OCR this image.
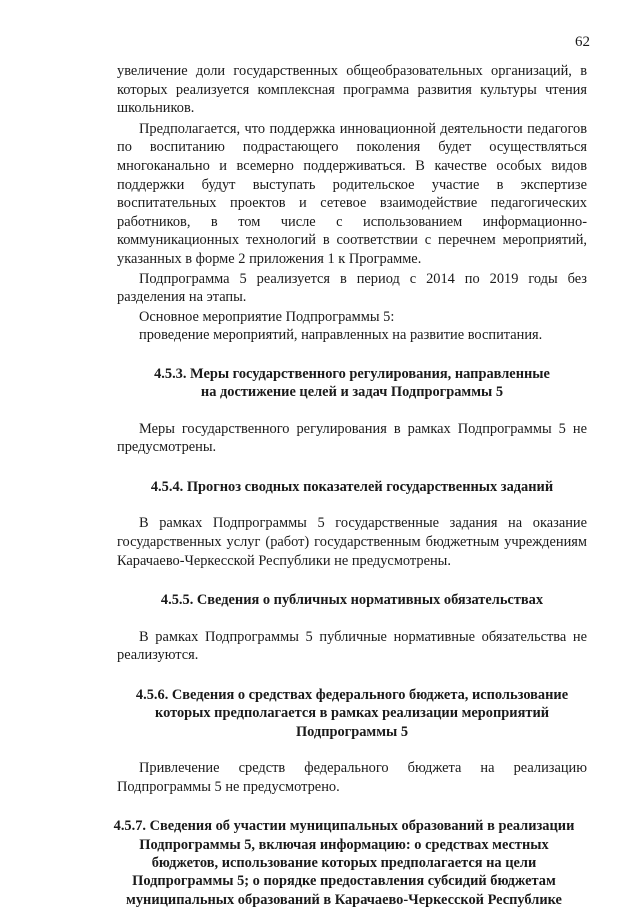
62

увеличение доли государственных общеобразовательных организаций, в которых реализуется комплексная программа развития культуры чтения школьников.

Предполагается, что поддержка инновационной деятельности педагогов по воспитанию подрастающего поколения будет осуществляться многоканально и всемерно поддерживаться. В качестве особых видов поддержки будут выступать родительское участие в экспертизе воспитательных проектов и сетевое взаимодействие педагогических работников, в том числе с использованием информационно-коммуникационных технологий в соответствии с перечнем мероприятий, указанных в форме 2 приложения 1 к Программе.

Подпрограмма 5 реализуется в период с 2014 по 2019 годы без разделения на этапы.

Основное мероприятие Подпрограммы 5:

проведение мероприятий, направленных на развитие воспитания.

4.5.3. Меры государственного регулирования, направленные
на достижение целей и задач Подпрограммы 5

Меры государственного регулирования в рамках Подпрограммы 5 не предусмотрены.

4.5.4. Прогноз сводных показателей государственных заданий

В рамках Подпрограммы 5 государственные задания на оказание государственных услуг (работ) государственным бюджетным учреждениям Карачаево-Черкесской Республики не предусмотрены.

4.5.5. Сведения о публичных нормативных обязательствах

В рамках Подпрограммы 5 публичные нормативные обязательства не реализуются.

4.5.6. Сведения о средствах федерального бюджета, использование
которых предполагается в рамках реализации мероприятий
Подпрограммы 5

Привлечение средств федерального бюджета на реализацию Подпрограммы 5 не предусмотрено.

4.5.7. Сведения об участии муниципальных образований в реализации
Подпрограммы 5, включая информацию: о средствах местных
бюджетов, использование которых предполагается на цели
Подпрограммы 5; о порядке предоставления субсидий бюджетам
муниципальных образований в Карачаево-Черкесской Республике
